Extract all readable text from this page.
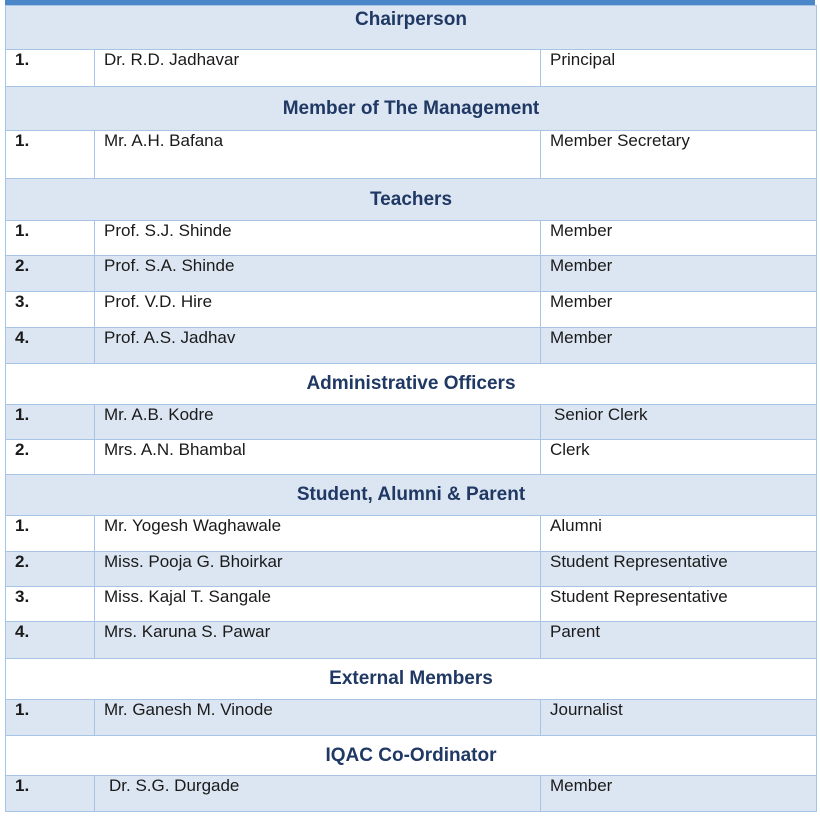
Chairperson		
1.	Dr. R.D. Jadhavar	Principal
Member of The Management		
1.	Mr. A.H. Bafana	Member Secretary
Teachers		
1.	Prof. S.J. Shinde	Member
2.	Prof. S.A. Shinde	Member
3.	Prof. V.D. Hire	Member
4.	Prof. A.S. Jadhav	Member
Administrative Officers		
1.	Mr. A.B. Kodre	Senior Clerk
2.	Mrs. A.N. Bhambal	Clerk
Student, Alumni & Parent		
1.	Mr. Yogesh Waghawale	Alumni
2.	Miss. Pooja G. Bhoirkar	Student Representative
3.	Miss. Kajal T. Sangale	Student Representative
4.	Mrs. Karuna S. Pawar	Parent
External Members		
1.	Mr. Ganesh M. Vinode	Journalist
IQAC Co-Ordinator		
1.	Dr. S.G. Durgade	Member
